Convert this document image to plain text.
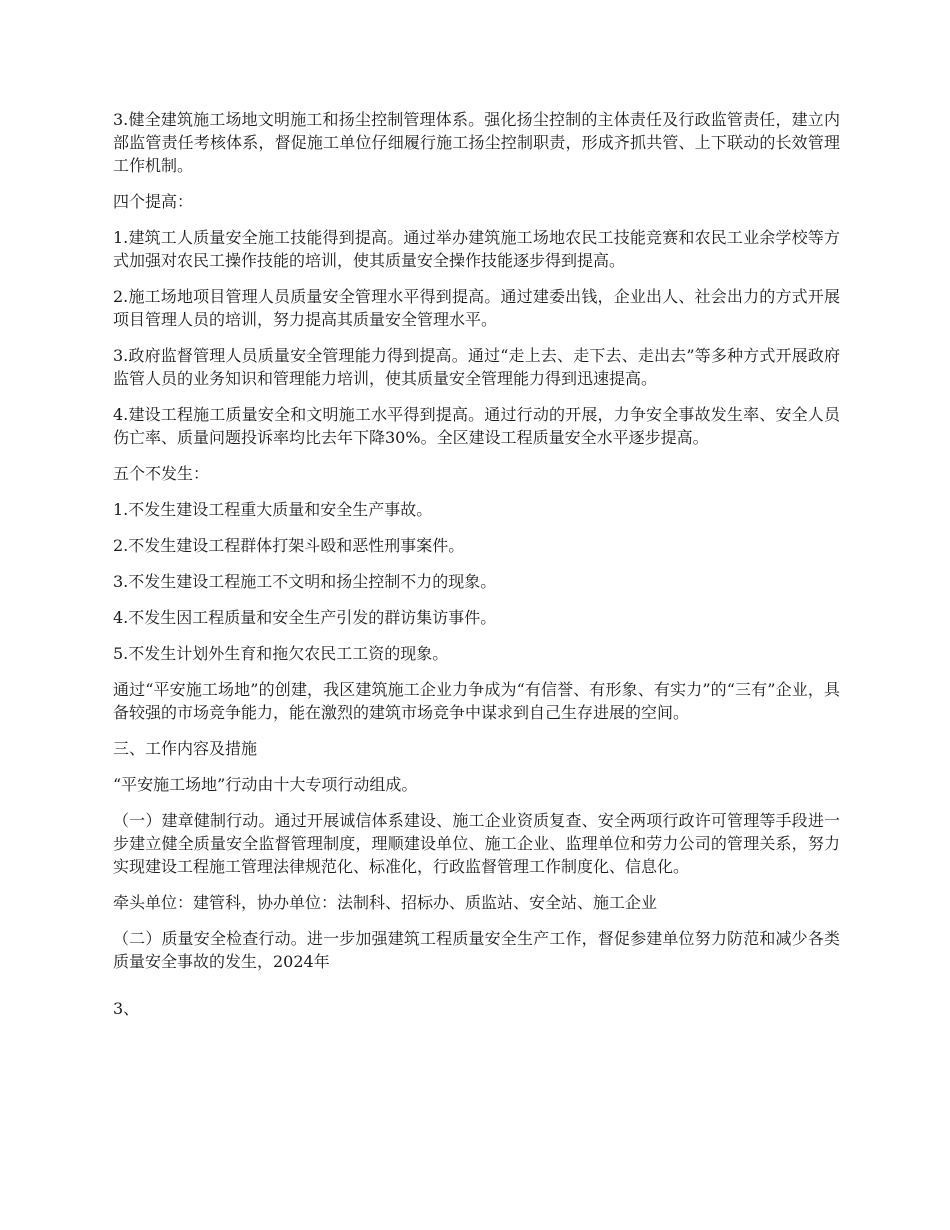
3.健全建筑施工场地文明施工和扬尘控制管理体系。强化扬尘控制的主体责任及行政监管责任，建立内部监管责任考核体系，督促施工单位仔细履行施工扬尘控制职责，形成齐抓共管、上下联动的长效管理工作机制。

四个提高：

1.建筑工人质量安全施工技能得到提高。通过举办建筑施工场地农民工技能竞赛和农民工业余学校等方式加强对农民工操作技能的培训，使其质量安全操作技能逐步得到提高。

2.施工场地项目管理人员质量安全管理水平得到提高。通过建委出钱，企业出人、社会出力的方式开展项目管理人员的培训，努力提高其质量安全管理水平。

3.政府监督管理人员质量安全管理能力得到提高。通过“走上去、走下去、走出去”等多种方式开展政府监管人员的业务知识和管理能力培训，使其质量安全管理能力得到迅速提高。

4.建设工程施工质量安全和文明施工水平得到提高。通过行动的开展，力争安全事故发生率、安全人员伤亡率、质量问题投诉率均比去年下降30%。全区建设工程质量安全水平逐步提高。

五个不发生：

1.不发生建设工程重大质量和安全生产事故。

2.不发生建设工程群体打架斗殴和恶性刑事案件。

3.不发生建设工程施工不文明和扬尘控制不力的现象。

4.不发生因工程质量和安全生产引发的群访集访事件。

5.不发生计划外生育和拖欠农民工工资的现象。

通过“平安施工场地”的创建，我区建筑施工企业力争成为“有信誉、有形象、有实力”的“三有”企业，具备较强的市场竞争能力，能在激烈的建筑市场竞争中谋求到自己生存进展的空间。

三、工作内容及措施

“平安施工场地”行动由十大专项行动组成。

（一）建章健制行动。通过开展诚信体系建设、施工企业资质复查、安全两项行政许可管理等手段进一步建立健全质量安全监督管理制度，理顺建设单位、施工企业、监理单位和劳力公司的管理关系，努力实现建设工程施工管理法律规范化、标准化，行政监督管理工作制度化、信息化。

牵头单位：建管科，协办单位：法制科、招标办、质监站、安全站、施工企业

（二）质量安全检查行动。进一步加强建筑工程质量安全生产工作，督促参建单位努力防范和减少各类质量安全事故的发生，2024年

3、
